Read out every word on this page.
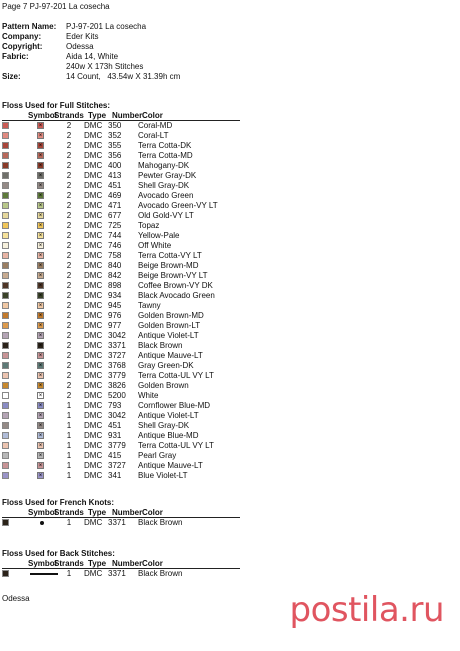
Page 7 PJ-97-201 La cosecha
Pattern Name:	PJ-97-201 La cosecha
Company:	Eder Kits
Copyright:	Odessa
Fabric:	Aida 14, White
240w X 173h Stitches
Size:	14 Count,   43.54w X 31.39h cm
Floss Used for Full Stitches:
Symbol
Strands Type Number Color
×	2	DMC 350	Coral-MD
×	2	DMC 352	Coral-LT
×	2	DMC 355	Terra Cotta-DK
×	2	DMC 356	Terra Cotta-MD
×	2	DMC 400	Mahogany-DK
×	2	DMC 413	Pewter Gray-DK
×	2	DMC 451	Shell Gray-DK
×	2	DMC 469	Avocado Green
×	2	DMC 471	Avocado Green-VY LT
×	2	DMC 677	Old Gold-VY LT
×	2	DMC 725	Topaz
×	2	DMC 744	Yellow-Pale
×	2	DMC 746	Off White
×	2	DMC 758	Terra Cotta-VY LT
×	2	DMC 840	Beige Brown-MD
×	2	DMC 842	Beige Brown-VY LT
×	2	DMC 898	Coffee Brown-VY DK
×	2	DMC 934	Black Avocado Green
×	2	DMC 945	Tawny
×	2	DMC 976	Golden Brown-MD
×	2	DMC 977	Golden Brown-LT
×	2	DMC 3042	Antique Violet-LT
×	2	DMC 3371	Black Brown
×	2	DMC 3727	Antique Mauve-LT
×	2	DMC 3768	Gray Green-DK
×	2	DMC 3779	Terra Cotta-UL VY LT
×	2	DMC 3826	Golden Brown
×	2	DMC 5200	White
×	1	DMC 793	Cornflower Blue-MD
×	1	DMC 3042	Antique Violet-LT
×	1	DMC 451	Shell Gray-DK
×	1	DMC 931	Antique Blue-MD
×	1	DMC 3779	Terra Cotta-UL VY LT
×	1	DMC 415	Pearl Gray
×	1	DMC 3727	Antique Mauve-LT
×	1	DMC 341	Blue Violet-LT
Floss Used for French Knots:
Symbol
Strands Type Number Color
1	DMC 3371	Black Brown
Floss Used for Back Stitches:
Symbol
Strands Type Number Color
1	DMC 3371	Black Brown
Odessa	postila.ru
